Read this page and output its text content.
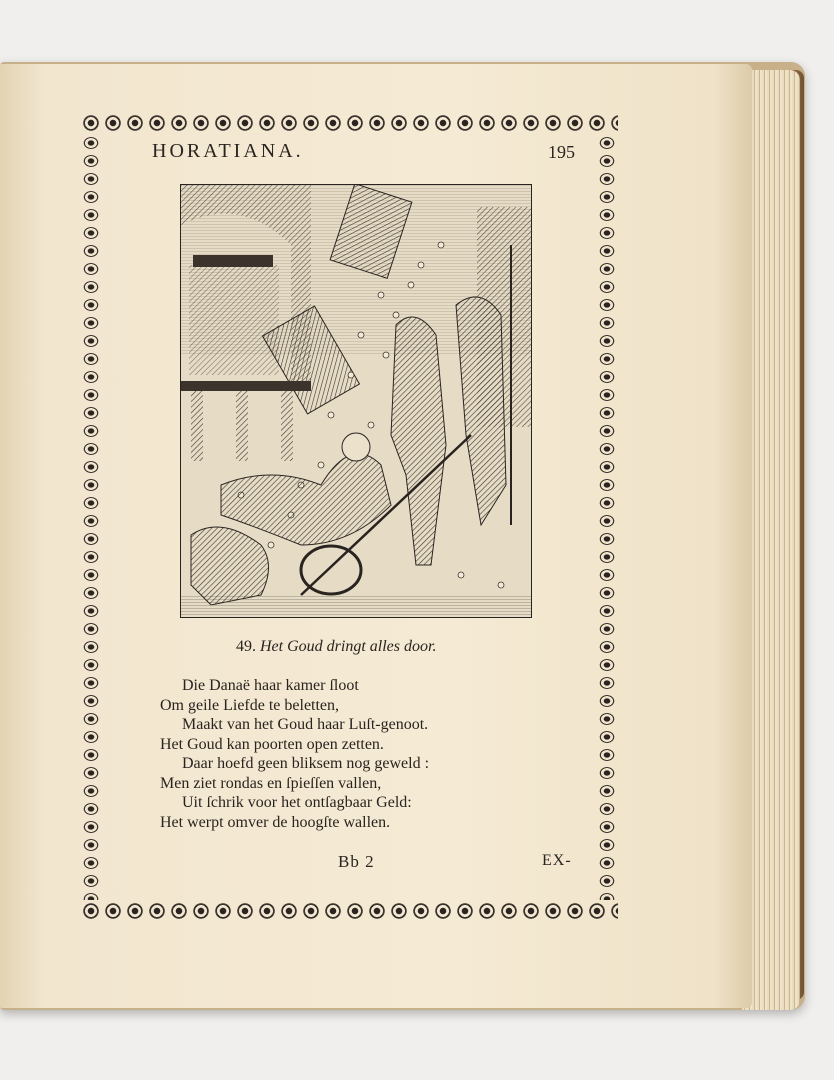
HORATIANA.	195
49. Het Goud dringt alles door.
Die Danaë haar kamer ſloot
Om geile Liefde te beletten,
Maakt van het Goud haar Luſt-genoot.
Het Goud kan poorten open zetten.
Daar hoefd geen bliksem nog geweld :
Men ziet rondas en ſpieſſen vallen,
Uit ſchrik voor het ontſagbaar Geld:
Het werpt omver de hoogſte wallen.
Bb 2	EX-
